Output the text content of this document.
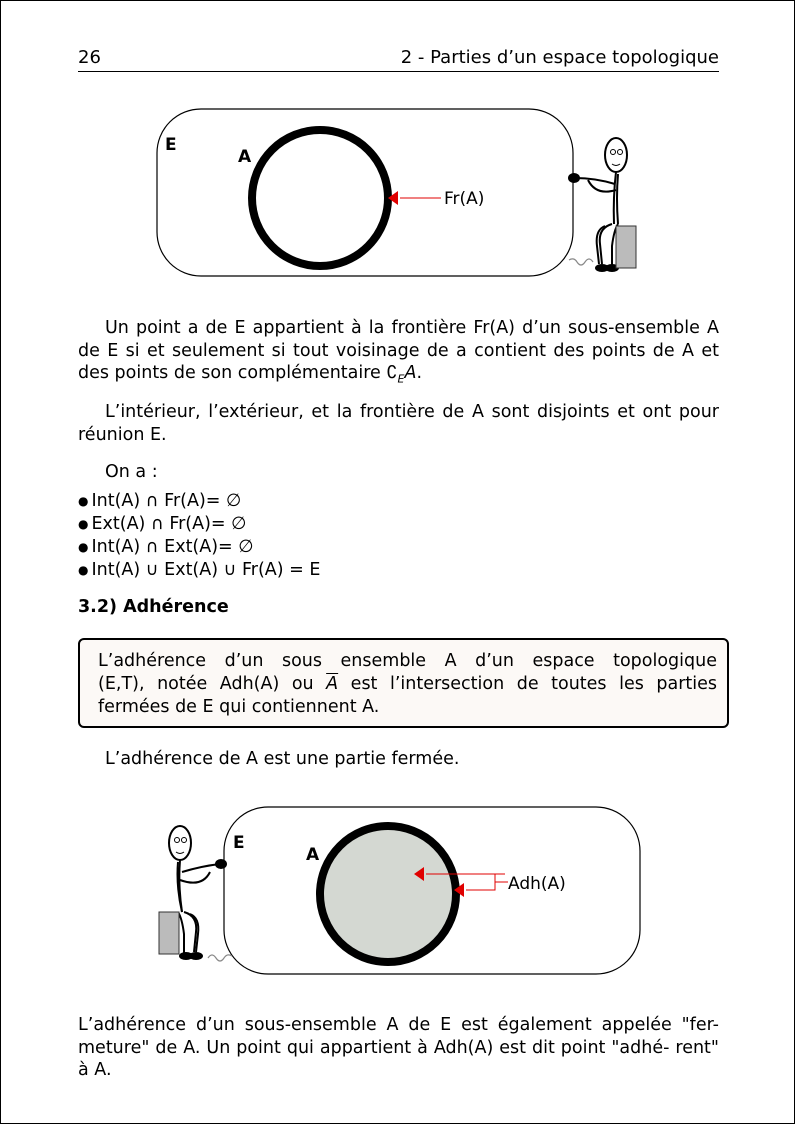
26	2 - Parties d’un espace topologique
E
A
Fr(A)
Un point a de E appartient à la frontière Fr(A) d’un sous-ensemble A de E si et seulement si tout voisinage de a contient des points de A et des points de son complémentaire $∁_EA$.
L’intérieur, l’extérieur, et la frontière de A sont disjoints et ont pour réunion E.
On a :
● Int(A) ∩ Fr(A)= ∅
● Ext(A) ∩ Fr(A)= ∅
● Int(A) ∩ Ext(A)= ∅
● Int(A) ∪ Ext(A) ∪ Fr(A) = E
3.2) Adhérence
L’adhérence d’un sous ensemble A d’un espace topologique
(E,T), notée Adh(A) ou $\overline{A}$ est l’intersection de toutes les parties
fermées de E qui contiennent A.
L’adhérence de A est une partie fermée.
E
A
Adh(A)
L’adhérence d’un sous-ensemble A de E est également appelée "fer- meture" de A. Un point qui appartient à Adh(A) est dit point "adhé- rent" à A.
